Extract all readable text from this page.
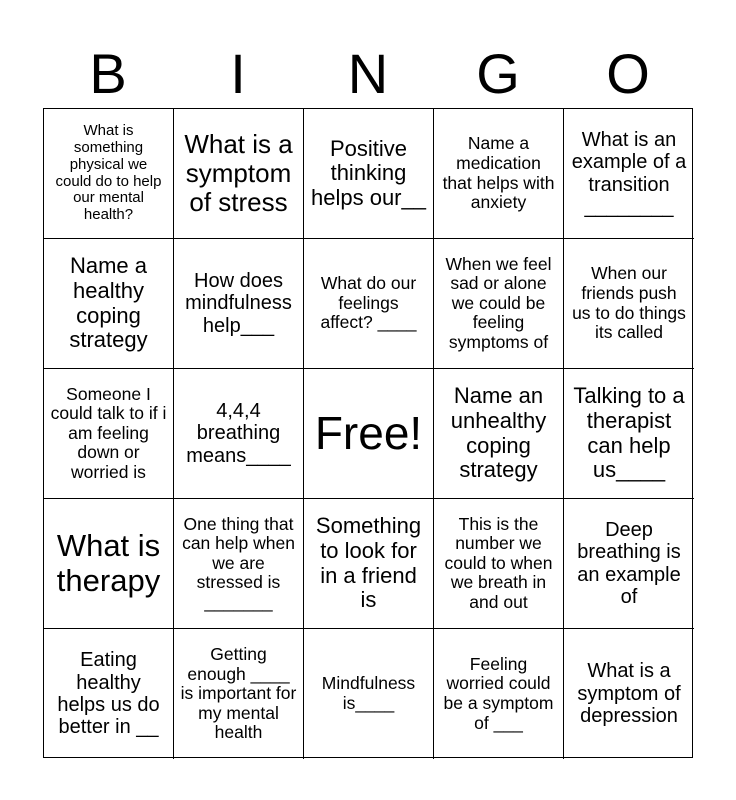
B	I	N	G	O
What is something physical we could do to help our mental health?
What is a symptom of stress
Positive thinking helps our__
Name a medication that helps with anxiety
What is an example of a transition ________
Name a healthy coping strategy
How does mindfulness help___
What do our feelings affect? ____
When we feel sad or alone we could be feeling symptoms of
When our friends push us to do things its called
Someone I could talk to if i am feeling down or worried is
4,4,4 breathing means____ Free!
Name an unhealthy coping strategy
Talking to a therapist can help us____
What is therapy
One thing that can help when we are stressed is _______
Something to look for in a friend is
This is the number we could to when we breath in and out
Deep breathing is an example of
Eating healthy helps us do better in __
Getting enough ____ is important for my mental health
Mindfulness is____
Feeling worried could be a symptom of ___
What is a symptom of depression
